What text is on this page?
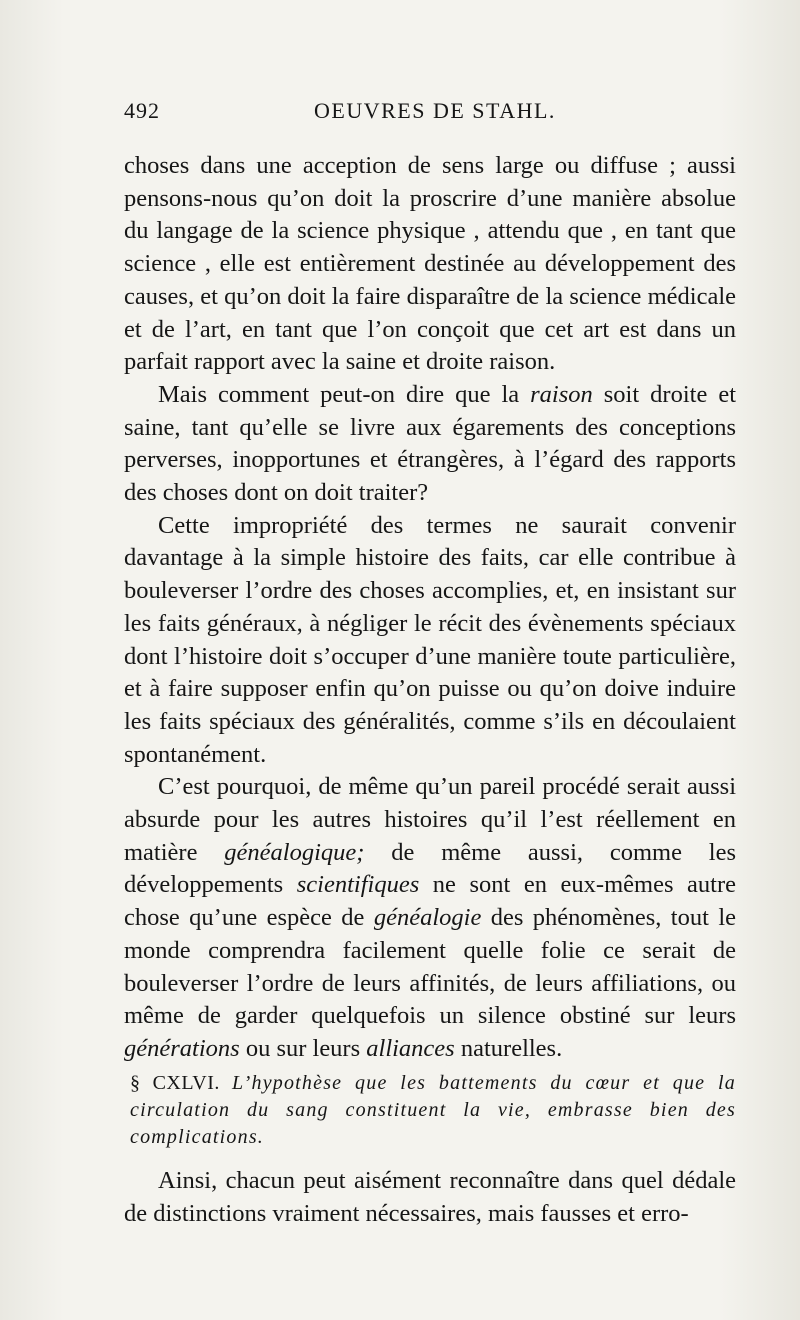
492	OEUVRES DE STAHL.

choses dans une acception de sens large ou diffuse ; aussi pensons-nous qu’on doit la proscrire d’une manière absolue du langage de la science physique , attendu que , en tant que science , elle est entièrement destinée au développement des causes, et qu’on doit la faire disparaître de la science médicale et de l’art, en tant que l’on conçoit que cet art est dans un parfait rapport avec la saine et droite raison.

Mais comment peut-on dire que la raison soit droite et saine, tant qu’elle se livre aux égarements des conceptions perverses, inopportunes et étrangères, à l’égard des rapports des choses dont on doit traiter?

Cette impropriété des termes ne saurait convenir davantage à la simple histoire des faits, car elle contribue à bouleverser l’ordre des choses accomplies, et, en insistant sur les faits généraux, à négliger le récit des évènements spéciaux dont l’histoire doit s’occuper d’une manière toute particulière, et à faire supposer enfin qu’on puisse ou qu’on doive induire les faits spéciaux des généralités, comme s’ils en découlaient spontanément.

C’est pourquoi, de même qu’un pareil procédé serait aussi absurde pour les autres histoires qu’il l’est réellement en matière généalogique; de même aussi, comme les développements scientifiques ne sont en eux-mêmes autre chose qu’une espèce de généalogie des phénomènes, tout le monde comprendra facilement quelle folie ce serait de bouleverser l’ordre de leurs affinités, de leurs affiliations, ou même de garder quelquefois un silence obstiné sur leurs générations ou sur leurs alliances naturelles.

§ CXLVI. L’hypothèse que les battements du cœur et que la circulation du sang constituent la vie, embrasse bien des complications.

Ainsi, chacun peut aisément reconnaître dans quel dédale de distinctions vraiment nécessaires, mais fausses et erro-
